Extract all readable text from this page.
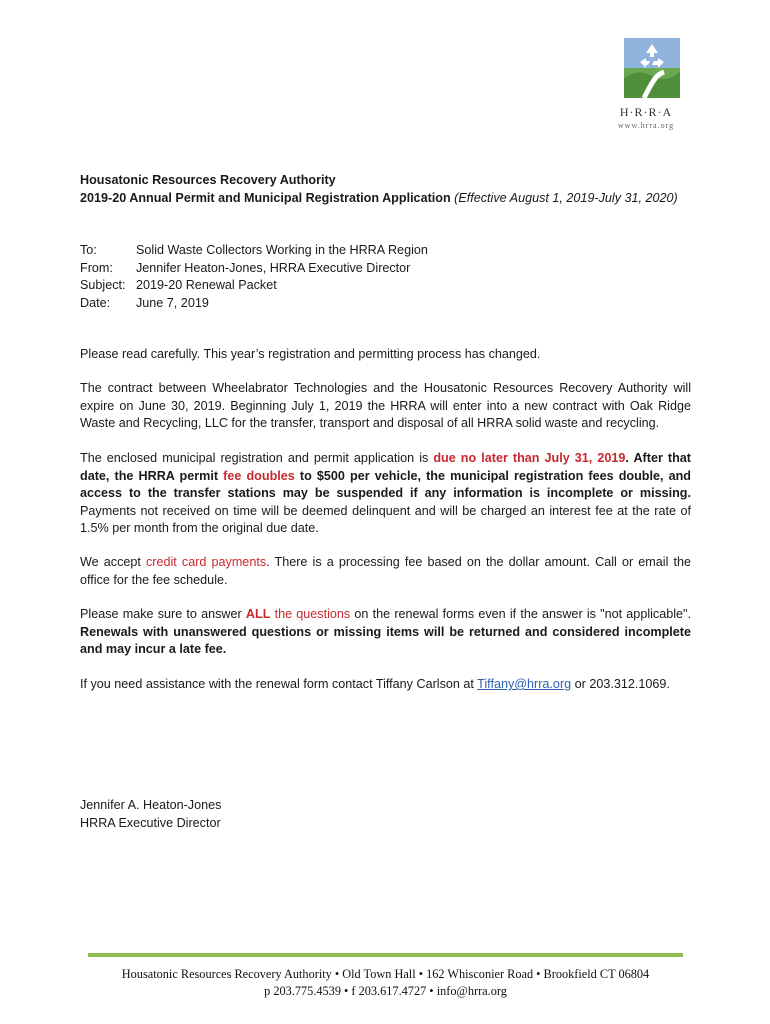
H·R·R·A
www.hrra.org
Housatonic Resources Recovery Authority
2019-20 Annual Permit and Municipal Registration Application (Effective August 1, 2019-July 31, 2020)
To:	Solid Waste Collectors Working in the HRRA Region
From:	Jennifer Heaton-Jones, HRRA Executive Director
Subject: 2019-20 Renewal Packet
Date:	June 7, 2019
Please read carefully. This year’s registration and permitting process has changed.
The contract between Wheelabrator Technologies and the Housatonic Resources Recovery Authority will expire on June 30, 2019. Beginning July 1, 2019 the HRRA will enter into a new contract with Oak Ridge Waste and Recycling, LLC for the transfer, transport and disposal of all HRRA solid waste and recycling.
The enclosed municipal registration and permit application is due no later than July 31, 2019. After that date, the HRRA permit fee doubles to $500 per vehicle, the municipal registration fees double, and access to the transfer stations may be suspended if any information is incomplete or missing. Payments not received on time will be deemed delinquent and will be charged an interest fee at the rate of 1.5% per month from the original due date.
We accept credit card payments. There is a processing fee based on the dollar amount. Call or email the office for the fee schedule.
Please make sure to answer ALL the questions on the renewal forms even if the answer is "not applicable". Renewals with unanswered questions or missing items will be returned and considered incomplete and may incur a late fee.
If you need assistance with the renewal form contact Tiffany Carlson at Tiffany@hrra.org or 203.312.1069.
Jennifer A. Heaton-Jones
HRRA Executive Director
Housatonic Resources Recovery Authority • Old Town Hall • 162 Whisconier Road • Brookfield CT 06804
p 203.775.4539 • f 203.617.4727 • info@hrra.org
